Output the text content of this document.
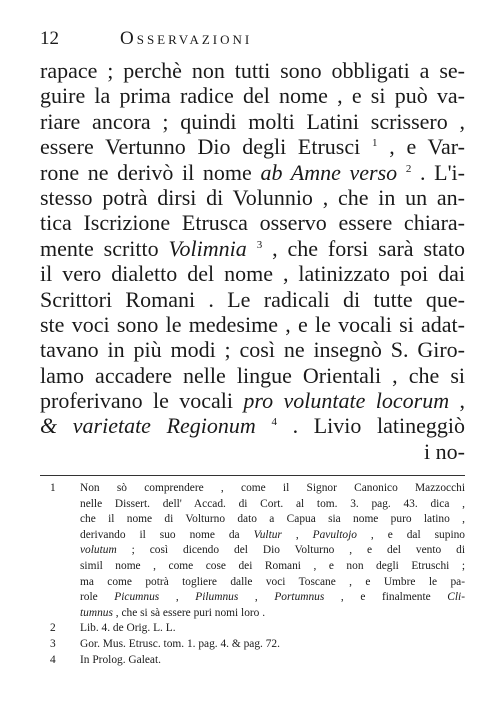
12	Osservazioni
rapace ; perchè non tutti sono obbligati a se-
guire la prima radice del nome , e si può va-
riare ancora ; quindi molti Latini scrissero ,
essere Vertunno Dio degli Etrusci $^1$ , e Var-
rone ne derivò il nome ab Amne verso $^2$ . L'i-
stesso potrà dirsi di Volunnio , che in un an-
tica Iscrizione Etrusca osservo essere chiara-
mente scritto Volimnia $^3$ , che forsi sarà stato
il vero dialetto del nome , latinizzato poi dai
Scrittori Romani . Le radicali di tutte que-
ste voci sono le medesime , e le vocali si adat-
tavano in più modi ; così ne insegnò S. Giro-
lamo accadere nelle lingue Orientali , che si
proferivano le vocali pro voluntate locorum ,
& varietate Regionum $^4$ . Livio latineggiò
i no-
1 Non sò comprendere , come il Signor Canonico Mazzocchi
nelle Dissert. dell' Accad. di Cort. al tom. 3. pag. 43. dica ,
che il nome di Volturno dato a Capua sia nome puro latino ,
derivando il suo nome da Vultur , Pavultojo , e dal supino
volutum ; così dicendo del Dio Volturno , e del vento di
simil nome , come cose dei Romani , e non degli Etruschi ;
ma come potrà togliere dalle voci Toscane , e Umbre le pa-
role Picumnus , Pilumnus , Portumnus , e finalmente Cli-
tumnus , che si sà essere puri nomi loro .
2 Lib. 4. de Orig. L. L.
3 Gor. Mus. Etrusc. tom. 1. pag. 4. & pag. 72.
4 In Prolog. Galeat.
